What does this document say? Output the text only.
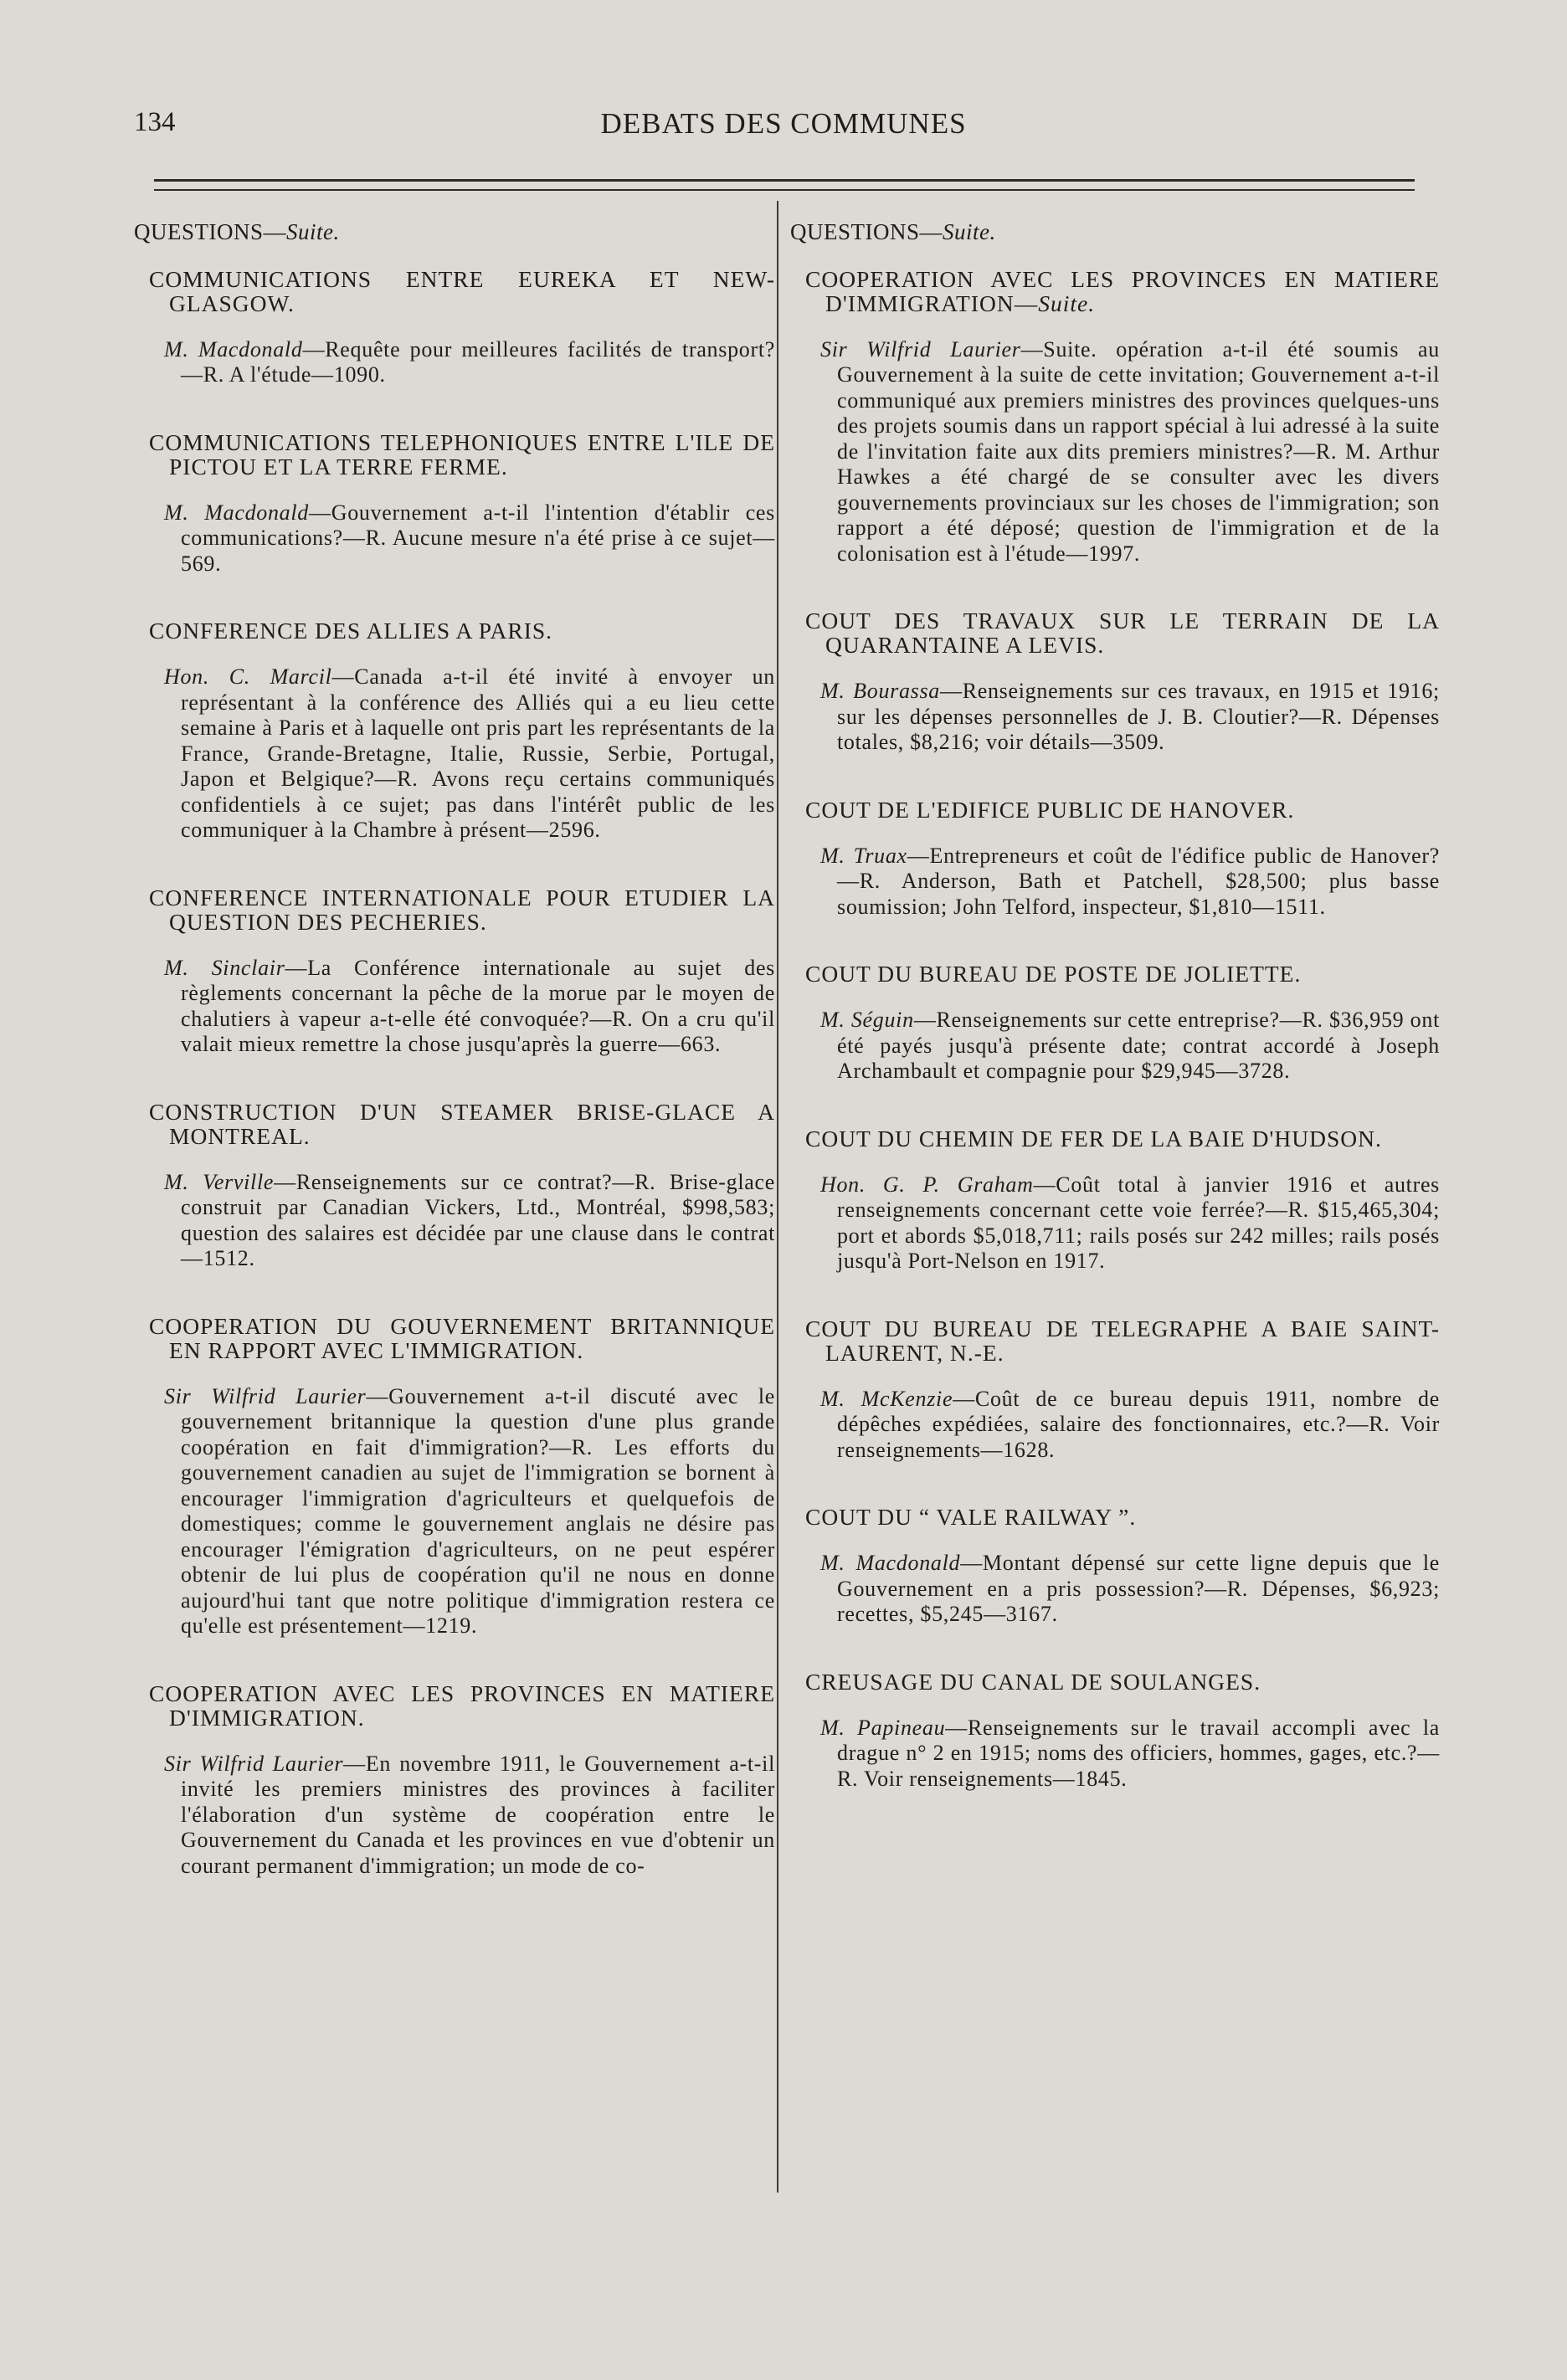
134	DEBATS DES COMMUNES
QUESTIONS—Suite.
COMMUNICATIONS ENTRE EUREKA ET NEW-GLASGOW.

M. Macdonald—Requête pour meilleures facilités de transport?—R. A l'étude—1090.

COMMUNICATIONS TELEPHONIQUES ENTRE L'ILE DE PICTOU ET LA TERRE FERME.

M. Macdonald—Gouvernement a-t-il l'intention d'établir ces communications?—R. Aucune mesure n'a été prise à ce sujet—569.

CONFERENCE DES ALLIES A PARIS.

Hon. C. Marcil—Canada a-t-il été invité à envoyer un représentant à la conférence des Alliés qui a eu lieu cette semaine à Paris et à laquelle ont pris part les représentants de la France, Grande-Bretagne, Italie, Russie, Serbie, Portugal, Japon et Belgique?—R. Avons reçu certains communiqués confidentiels à ce sujet; pas dans l'intérêt public de les communiquer à la Chambre à présent—2596.

CONFERENCE INTERNATIONALE POUR ETUDIER LA QUESTION DES PECHERIES.

M. Sinclair—La Conférence internationale au sujet des règlements concernant la pêche de la morue par le moyen de chalutiers à vapeur a-t-elle été convoquée?—R. On a cru qu'il valait mieux remettre la chose jusqu'après la guerre—663.

CONSTRUCTION D'UN STEAMER BRISE-GLACE A MONTREAL.

M. Verville—Renseignements sur ce contrat?—R. Brise-glace construit par Canadian Vickers, Ltd., Montréal, $998,583; question des salaires est décidée par une clause dans le contrat—1512.

COOPERATION DU GOUVERNEMENT BRITANNIQUE EN RAPPORT AVEC L'IMMIGRATION.

Sir Wilfrid Laurier—Gouvernement a-t-il discuté avec le gouvernement britannique la question d'une plus grande coopération en fait d'immigration?—R. Les efforts du gouvernement canadien au sujet de l'immigration se bornent à encourager l'immigration d'agriculteurs et quelquefois de domestiques; comme le gouvernement anglais ne désire pas encourager l'émigration d'agriculteurs, on ne peut espérer obtenir de lui plus de coopération qu'il ne nous en donne aujourd'hui tant que notre politique d'immigration restera ce qu'elle est présentement—1219.

COOPERATION AVEC LES PROVINCES EN MATIERE D'IMMIGRATION.

Sir Wilfrid Laurier—En novembre 1911, le Gouvernement a-t-il invité les premiers ministres des provinces à faciliter l'élaboration d'un système de coopération entre le Gouvernement du Canada et les provinces en vue d'obtenir un courant permanent d'immigration; un mode de co-

QUESTIONS—Suite.
COOPERATION AVEC LES PROVINCES EN MATIERE D'IMMIGRATION—Suite.

Sir Wilfrid Laurier—Suite. opération a-t-il été soumis au Gouvernement à la suite de cette invitation; Gouvernement a-t-il communiqué aux premiers ministres des provinces quelques-uns des projets soumis dans un rapport spécial à lui adressé à la suite de l'invitation faite aux dits premiers ministres?—R. M. Arthur Hawkes a été chargé de se consulter avec les divers gouvernements provinciaux sur les choses de l'immigration; son rapport a été déposé; question de l'immigration et de la colonisation est à l'étude—1997.

COUT DES TRAVAUX SUR LE TERRAIN DE LA QUARANTAINE A LEVIS.

M. Bourassa—Renseignements sur ces travaux, en 1915 et 1916; sur les dépenses personnelles de J. B. Cloutier?—R. Dépenses totales, $8,216; voir détails—3509.

COUT DE L'EDIFICE PUBLIC DE HANOVER.

M. Truax—Entrepreneurs et coût de l'édifice public de Hanover?—R. Anderson, Bath et Patchell, $28,500; plus basse soumission; John Telford, inspecteur, $1,810—1511.

COUT DU BUREAU DE POSTE DE JOLIETTE.

M. Séguin—Renseignements sur cette entreprise?—R. $36,959 ont été payés jusqu'à présente date; contrat accordé à Joseph Archambault et compagnie pour $29,945—3728.

COUT DU CHEMIN DE FER DE LA BAIE D'HUDSON.

Hon. G. P. Graham—Coût total à janvier 1916 et autres renseignements concernant cette voie ferrée?—R. $15,465,304; port et abords $5,018,711; rails posés sur 242 milles; rails posés jusqu'à Port-Nelson en 1917.

COUT DU BUREAU DE TELEGRAPHE A BAIE SAINT-LAURENT, N.-E.

M. McKenzie—Coût de ce bureau depuis 1911, nombre de dépêches expédiées, salaire des fonctionnaires, etc.?—R. Voir renseignements—1628.

COUT DU “ VALE RAILWAY ”.

M. Macdonald—Montant dépensé sur cette ligne depuis que le Gouvernement en a pris possession?—R. Dépenses, $6,923; recettes, $5,245—3167.

CREUSAGE DU CANAL DE SOULANGES.

M. Papineau—Renseignements sur le travail accompli avec la drague n° 2 en 1915; noms des officiers, hommes, gages, etc.?—R. Voir renseignements—1845.
